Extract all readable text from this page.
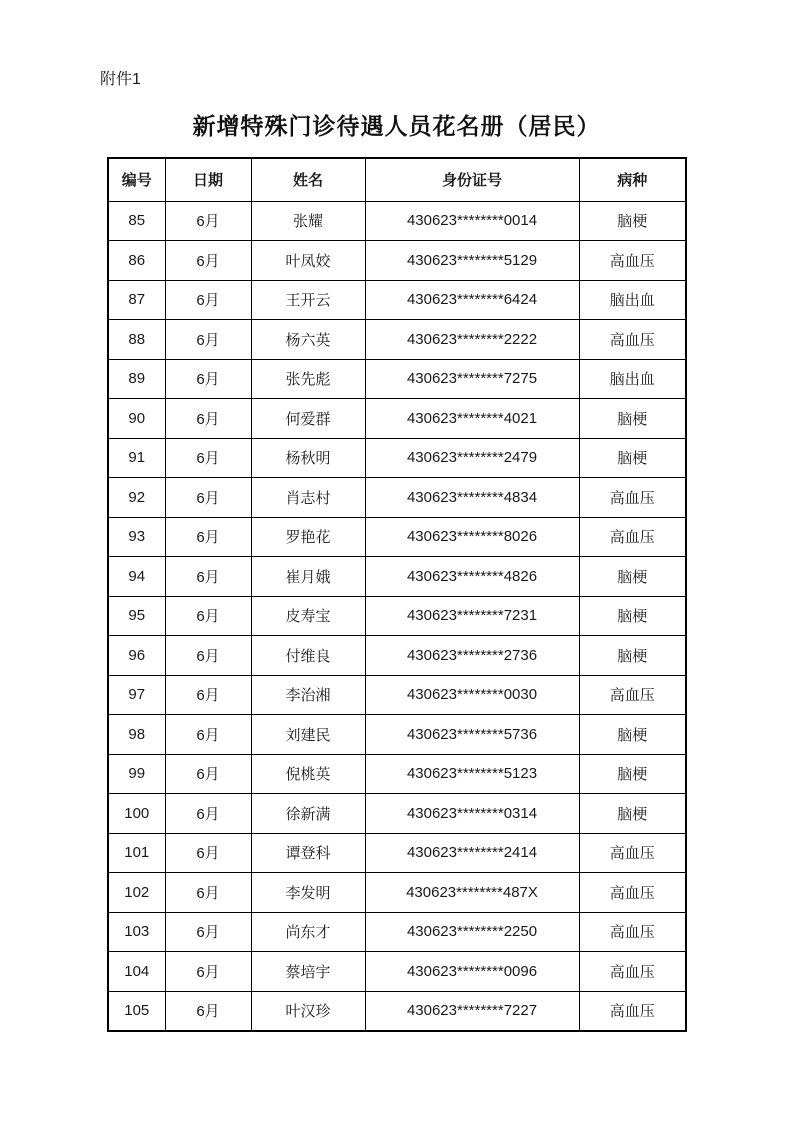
附件1
新增特殊门诊待遇人员花名册（居民）
编号	日期	姓名	身份证号	病种
85	6月	张耀	430623********0014	脑梗
86	6月	叶凤姣	430623********5129	高血压
87	6月	王开云	430623********6424	脑出血
88	6月	杨六英	430623********2222	高血压
89	6月	张先彪	430623********7275	脑出血
90	6月	何爱群	430623********4021	脑梗
91	6月	杨秋明	430623********2479	脑梗
92	6月	肖志村	430623********4834	高血压
93	6月	罗艳花	430623********8026	高血压
94	6月	崔月娥	430623********4826	脑梗
95	6月	皮寿宝	430623********7231	脑梗
96	6月	付维良	430623********2736	脑梗
97	6月	李治湘	430623********0030	高血压
98	6月	刘建民	430623********5736	脑梗
99	6月	倪桃英	430623********5123	脑梗
100	6月	徐新满	430623********0314	脑梗
101	6月	谭登科	430623********2414	高血压
102	6月	李发明	430623********487X	高血压
103	6月	尚东才	430623********2250	高血压
104	6月	蔡培宇	430623********0096	高血压
105	6月	叶汉珍	430623********7227	高血压
